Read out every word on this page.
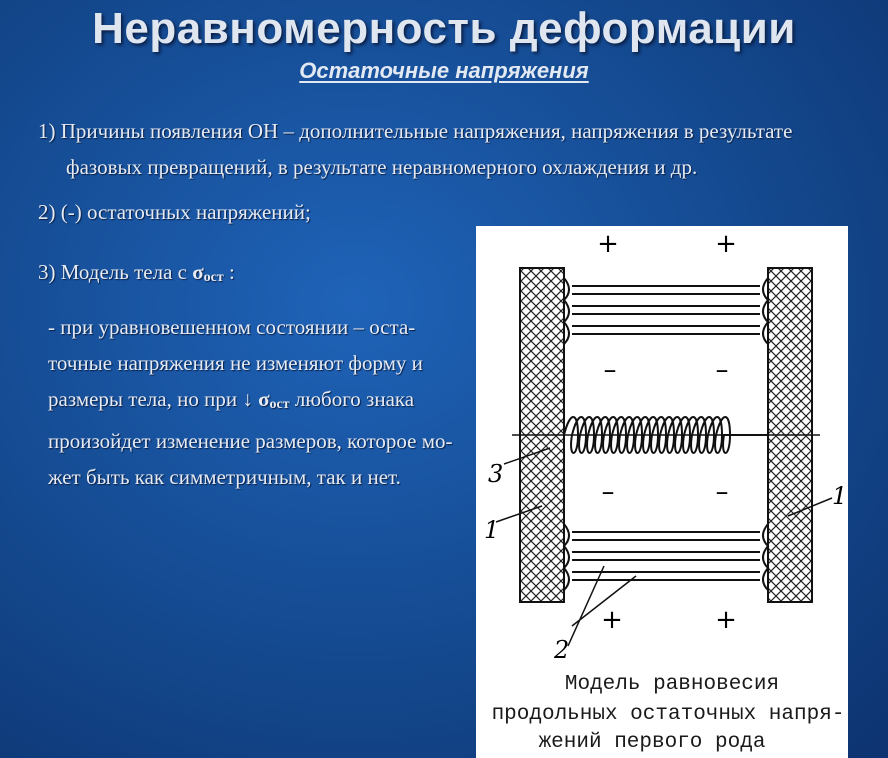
Неравномерность деформации
Остаточные напряжения
1) Причины появления ОН – дополнительные напряжения, напряжения в результате
фазовых превращений, в результате неравномерного охлаждения и др.
2) (-) остаточных напряжений;
3) Модель тела с σост :
- при уравновешенном состоянии – оста-
точные напряжения не изменяют форму и
размеры тела, но при ↓ σост любого знака
произойдет изменение размеров, которое мо-
жет быть как симметричным, так и нет.
+	+
–	–
–	–
+	+
3
1
1
2
Модель равновесия
продольных остаточных напря-
жений первого рода
